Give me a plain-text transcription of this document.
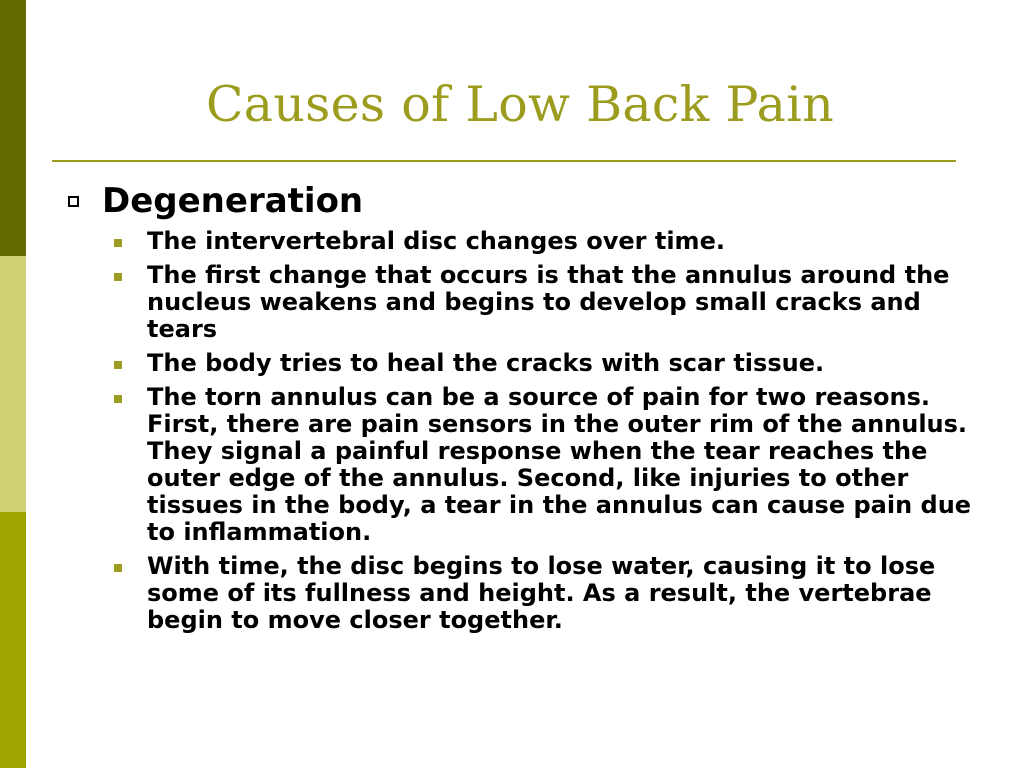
Causes of Low Back Pain
Degeneration
The intervertebral disc changes over time.
The first change that occurs is that the annulus around the nucleus weakens and begins to develop small cracks and tears
The body tries to heal the cracks with scar tissue.
The torn annulus can be a source of pain for two reasons. First, there are pain sensors in the outer rim of the annulus. They signal a painful response when the tear reaches the outer edge of the annulus. Second, like injuries to other tissues in the body, a tear in the annulus can cause pain due to inflammation.
With time, the disc begins to lose water, causing it to lose some of its fullness and height. As a result, the vertebrae begin to move closer together.
